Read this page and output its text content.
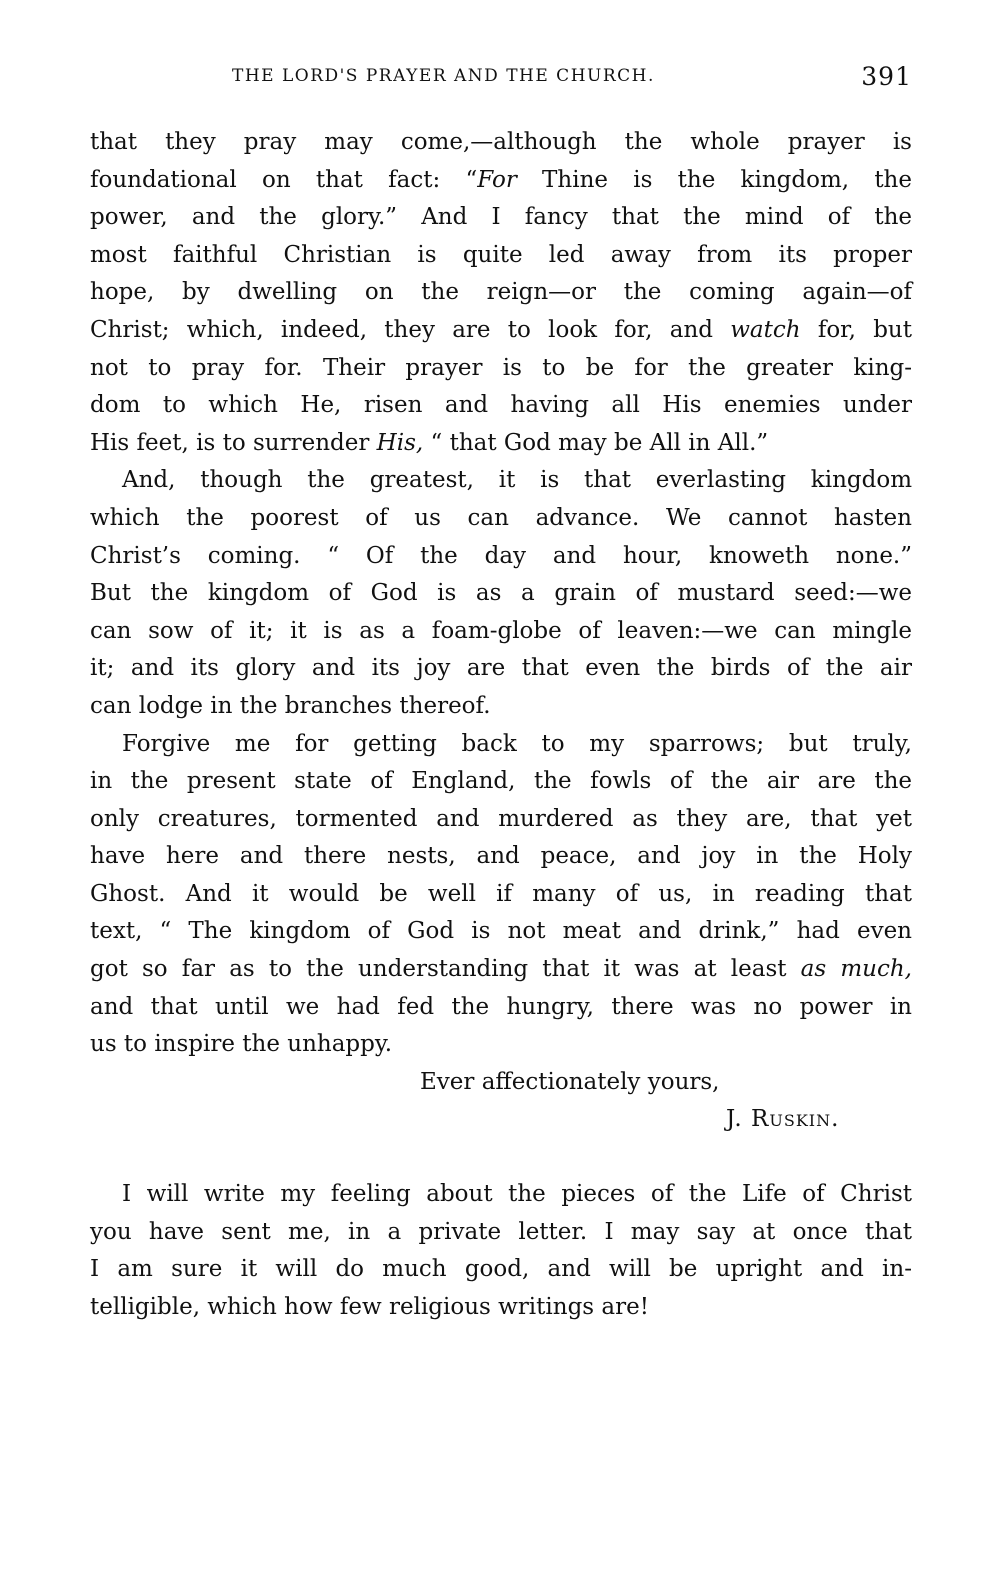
THE LORD'S PRAYER AND THE CHURCH.	391

that they pray may come,—although the whole prayer is
foundational on that fact: “For Thine is the kingdom, the
power, and the glory.” And I fancy that the mind of the
most faithful Christian is quite led away from its proper
hope, by dwelling on the reign—or the coming again—of
Christ; which, indeed, they are to look for, and watch for, but
not to pray for. Their prayer is to be for the greater king-
dom to which He, risen and having all His enemies under
His feet, is to surrender His, “ that God may be All in All.”

And, though the greatest, it is that everlasting kingdom
which the poorest of us can advance. We cannot hasten
Christ’s coming. “ Of the day and hour, knoweth none.”
But the kingdom of God is as a grain of mustard seed:—we
can sow of it; it is as a foam-globe of leaven:—we can mingle
it; and its glory and its joy are that even the birds of the air
can lodge in the branches thereof.

Forgive me for getting back to my sparrows; but truly,
in the present state of England, the fowls of the air are the
only creatures, tormented and murdered as they are, that yet
have here and there nests, and peace, and joy in the Holy
Ghost. And it would be well if many of us, in reading that
text, “ The kingdom of God is not meat and drink,” had even
got so far as to the understanding that it was at least as much,
and that until we had fed the hungry, there was no power in
us to inspire the unhappy.

Ever affectionately yours,
J. Ruskin.

I will write my feeling about the pieces of the Life of Christ
you have sent me, in a private letter. I may say at once that
I am sure it will do much good, and will be upright and in-
telligible, which how few religious writings are!
